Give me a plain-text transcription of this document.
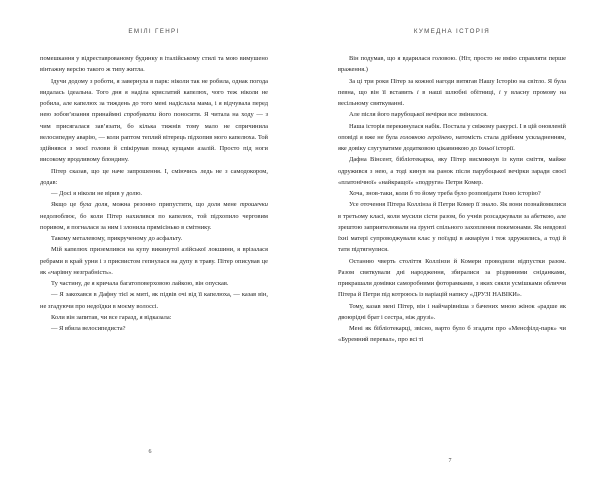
ЕМІЛІ ГЕНРІ

помешкання у відреставрованому будинку в італійському стилі та мою вимушено вінтажну версію такого ж типу житла.

Ідучи додому з роботи, я завернула в парк: ніколи так не робила, однак погода видалась ідеальна. Того дня я наділа крислатий капелюх, чого теж ніколи не робила, але капелюх за тиждень до того мені надіслала мама, і я відчувала перед нею зобов’язання принаймні спробувати його поносити. Я читала на ходу — з чим присягалася зав’язати, бо кілька тижнів тому мало не спричинила велосипедну аварію, — коли раптом теплий вітерець підхопив мого капелюха. Той здійнявся з моєї голови й спікірував понад кущами азалій. Просто під ноги високому вродливому блондину.

Пітер сказав, що це наче запрошення. І, сміючись ледь не з самодокором, додав:

— Досі я ніколи не вірив у долю.

Якщо це була доля, можна резонно припустити, що доля мене трошечки недолюблює, бо коли Пітер нахилився по капелюх, той підхопило черговим поривом, я погналася за ним і злонила прямісінько в смітнику.

Такому металевому, прикрученому до асфальту.

Мій капелюх приземлився на купу викинутої азійської локшини, я врізалася ребрами в край урни і з присвистом гепнулася на дупу в траву. Пітер описував це як «чарівну незграбність».

Ту частину, де я кричала багатоповерховою лайкою, він опускав.

— Я закохався в Дафну тієї ж миті, як підвів очі від її капелюха, — казав він, не згадуючи про недоїдки в моєму волоссі.

Коли він запитав, чи все гаразд, я відказала:

— Я вбила велосипедиста?

6
КУМЕДНА ІСТОРІЯ

Він подумав, що я вдарилася головою. (Ніт, просто не вмію справляти перше враження.)

За ці три роки Пітер за кожної нагоди витягав Нашу Історію на світло. Я була певна, що він її вставить і в наші шлюбні обітниці, і у власну промову на весільному святкуванні.

Але після його парубоцької вечірки все змінилося.

Наша історія перекинулася набік. Постала у свіжому ракурсі. І в цій оновленій оповіді я вже не була головною героїнею, натомість стала дрібним ускладненням, яке довіку слугуватиме додатковою цікавинкою до їхньої історії.

Дафна Вінсент, бібліотекарка, яку Пітер висмикнув із купи сміття, майже одружився з нею, а тоді кинув на ранок після парубоцької вечірки заради своєї «платонічної» «найкращої» «подруги» Петри Комер.

Хоча, знов-таки, коли б то йому треба було розповідати їхню історію?

Усе оточення Пітера Коллінза й Петри Комер її знало. Як вони познайомилися в третьому класі, коли мусили сісти разом, бо учнів розсаджували за абеткою, але зрештою заприятелювали на ґрунті спільного захоплення покемонами. Як невдовзі їхні матері супроводжували клас у поїздці в акваріум і теж здружились, а тоді й тати підтягнулися.

Останню чверть століття Коллінзи й Комери проводили відпустки разом. Разом святкували дні народження, збиралися за різдвяними сніданками, прикрашали домівки саморобними фоторамками, з яких сяяли усмішками обличчя Пітера й Петри під котроюсь із варіацій напису «ДРУЗІ НАВІКИ».

Тому, казав мені Пітер, він і найчарівніша з бачених мною жінок «радше як двоюрідні брат і сестра, ніж друзі».

Мені як бібліотекарці, звісно, варто було б згадати про «Менсфілд-парк» чи «Буремний перевал», про всі ті

7
